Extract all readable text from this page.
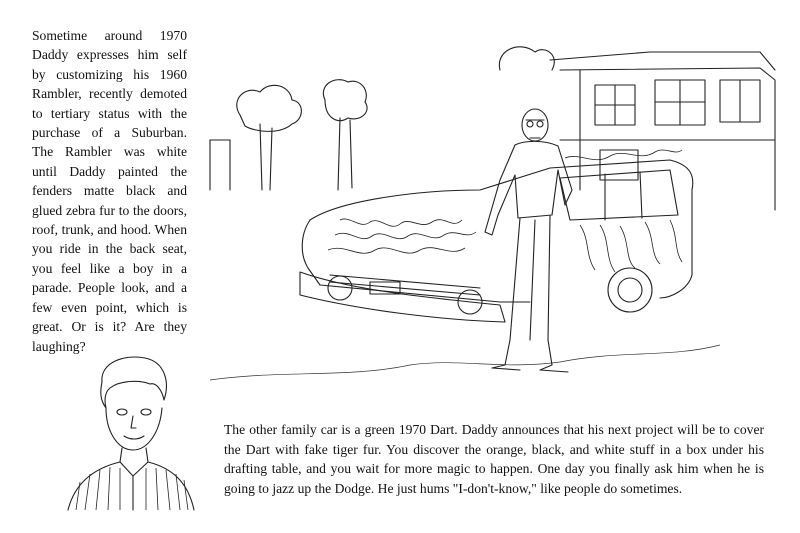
Sometime around 1970 Daddy expresses him self by customizing his 1960 Rambler, recently demoted to tertiary status with the purchase of a Suburban. The Rambler was white until Daddy painted the fenders matte black and glued zebra fur to the doors, roof, trunk, and hood. When you ride in the back seat, you feel like a boy in a parade. People look, and a few even point, which is great. Or is it? Are they laughing?

The other family car is a green 1970 Dart. Daddy announces that his next project will be to cover the Dart with fake tiger fur. You discover the orange, black, and white stuff in a box under his drafting table, and you wait for more magic to happen. One day you finally ask him when he is going to jazz up the Dodge. He just hums "I-don't-know," like people do sometimes.
